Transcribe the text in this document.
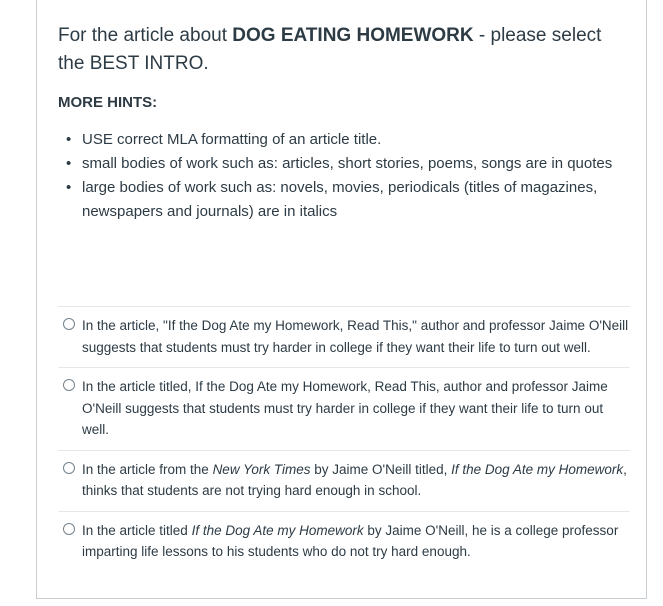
For the article about DOG EATING HOMEWORK - please select the BEST INTRO.

MORE HINTS:

• USE correct MLA formatting of an article title.
• small bodies of work such as: articles, short stories, poems, songs are in quotes
• large bodies of work such as: novels, movies, periodicals (titles of magazines, newspapers and journals) are in italics
In the article, "If the Dog Ate my Homework, Read This," author and professor Jaime O'Neill suggests that students must try harder in college if they want their life to turn out well.
In the article titled, If the Dog Ate my Homework, Read This, author and professor Jaime O'Neill suggests that students must try harder in college if they want their life to turn out well.
In the article from the New York Times by Jaime O'Neill titled, If the Dog Ate my Homework, thinks that students are not trying hard enough in school.
In the article titled If the Dog Ate my Homework by Jaime O'Neill, he is a college professor imparting life lessons to his students who do not try hard enough.
